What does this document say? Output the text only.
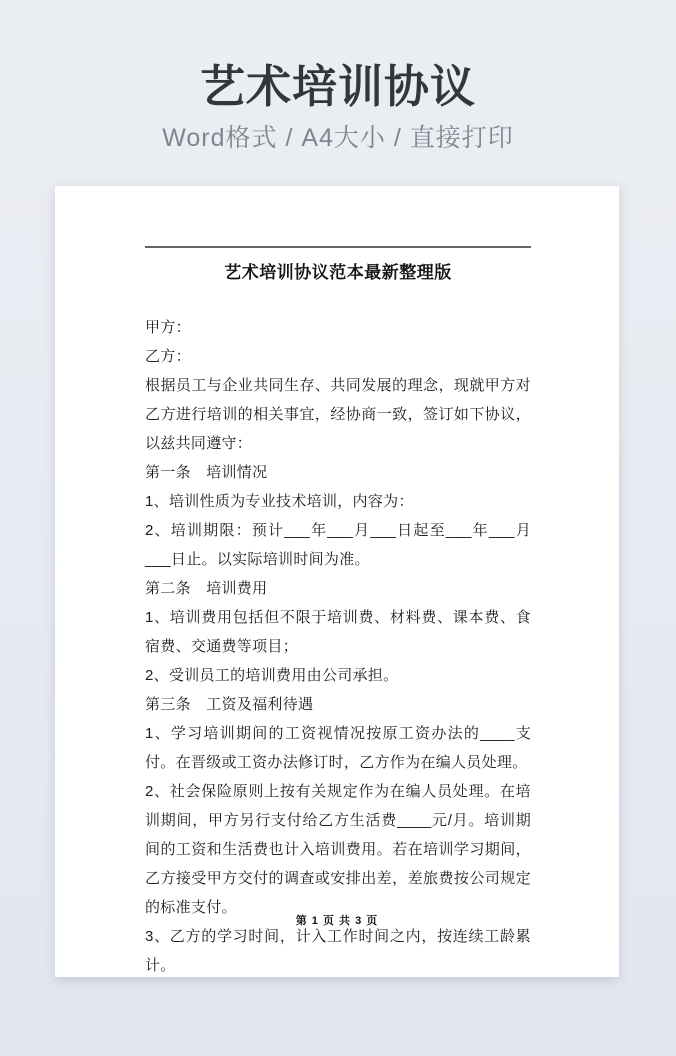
艺术培训协议
Word格式 / A4大小 / 直接打印
艺术培训协议范本最新整理版

甲方：

乙方：

根据员工与企业共同生存、共同发展的理念，现就甲方对乙方进行培训的相关事宜，经协商一致，签订如下协议，以兹共同遵守：

第一条　培训情况

1、培训性质为专业技术培训，内容为：

2、培训期限：预计___年___月___日起至___年___月___日止。以实际培训时间为准。

第二条　培训费用

1、培训费用包括但不限于培训费、材料费、课本费、食宿费、交通费等项目；

2、受训员工的培训费用由公司承担。

第三条　工资及福利待遇

1、学习培训期间的工资视情况按原工资办法的____支付。在晋级或工资办法修订时，乙方作为在编人员处理。

2、社会保险原则上按有关规定作为在编人员处理。在培训期间，甲方另行支付给乙方生活费____元/月。培训期间的工资和生活费也计入培训费用。若在培训学习期间，乙方接受甲方交付的调查或安排出差，差旅费按公司规定的标准支付。

3、乙方的学习时间，计入工作时间之内，按连续工龄累计。

第 1 页 共 3 页
